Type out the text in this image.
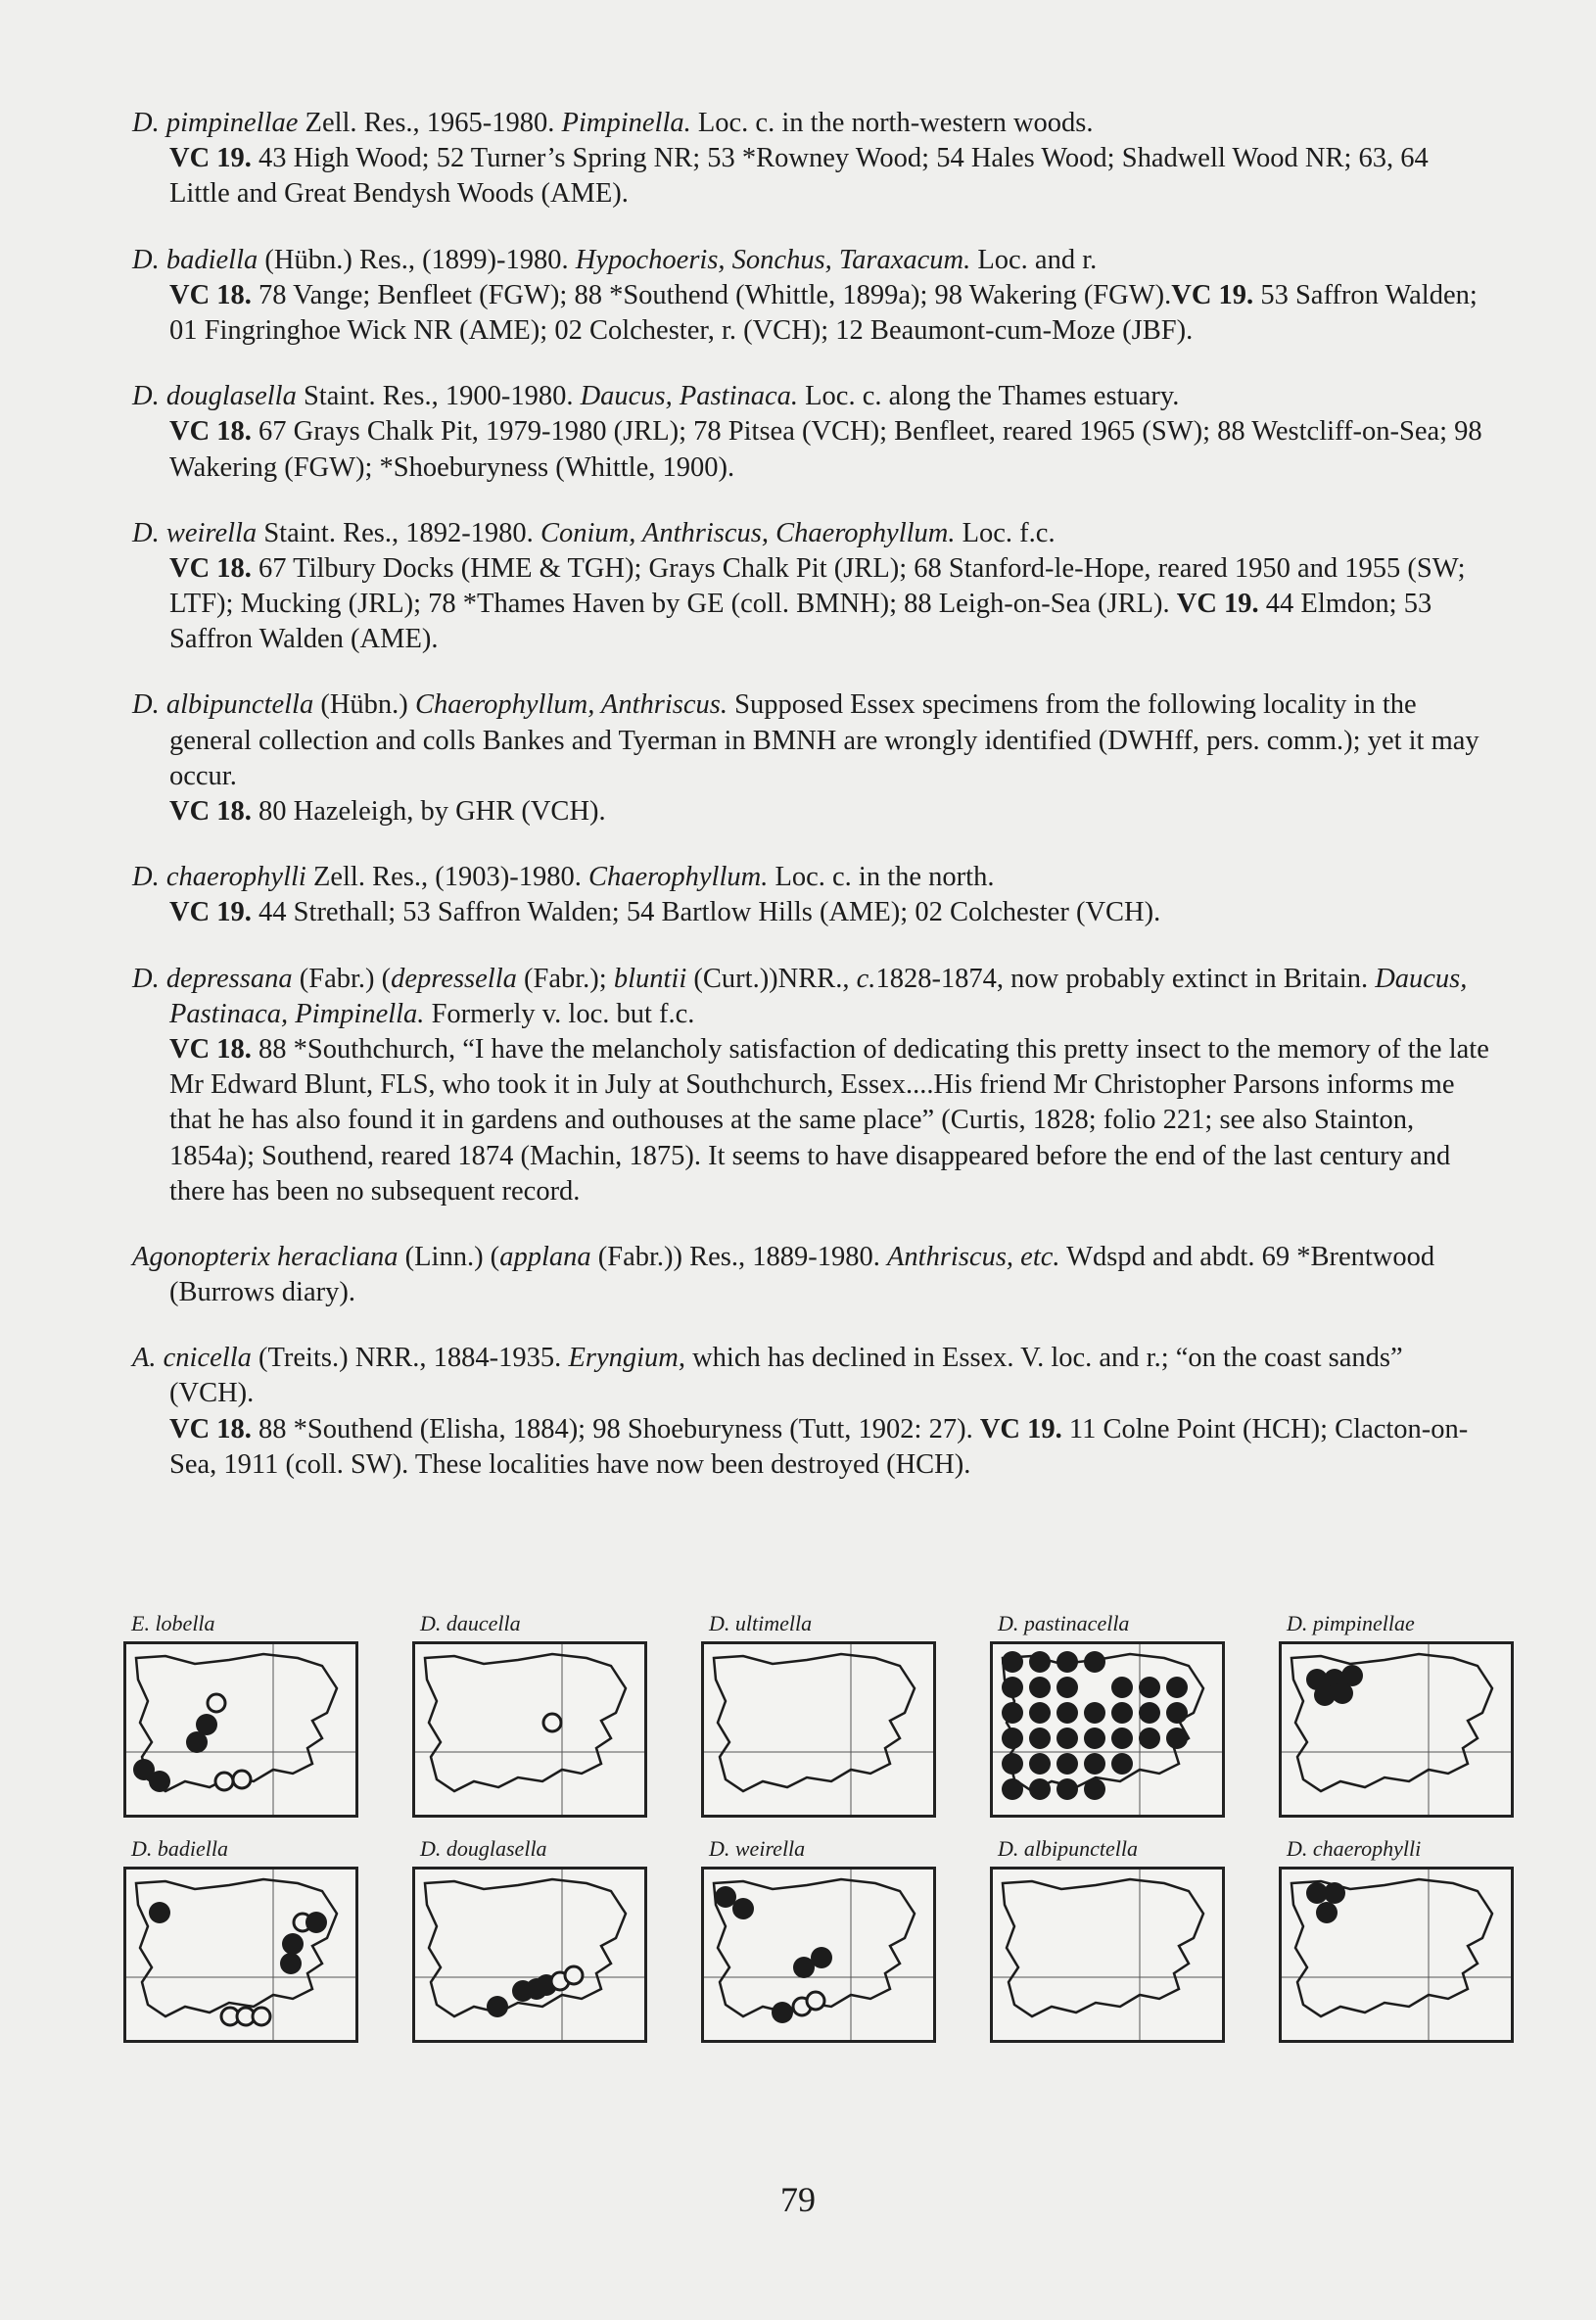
D. pimpinellae Zell. Res., 1965-1980. Pimpinella. Loc. c. in the north-western woods.
VC 19. 43 High Wood; 52 Turner’s Spring NR; 53 *Rowney Wood; 54 Hales Wood; Shadwell Wood NR; 63, 64 Little and Great Bendysh Woods (AME).
D. badiella (Hübn.) Res., (1899)-1980. Hypochoeris, Sonchus, Taraxacum. Loc. and r.
VC 18. 78 Vange; Benfleet (FGW); 88 *Southend (Whittle, 1899a); 98 Wakering (FGW).VC 19. 53 Saffron Walden; 01 Fingringhoe Wick NR (AME); 02 Colchester, r. (VCH); 12 Beaumont-cum-Moze (JBF).
D. douglasella Staint. Res., 1900-1980. Daucus, Pastinaca. Loc. c. along the Thames estuary.
VC 18. 67 Grays Chalk Pit, 1979-1980 (JRL); 78 Pitsea (VCH); Benfleet, reared 1965 (SW); 88 Westcliff-on-Sea; 98 Wakering (FGW); *Shoeburyness (Whittle, 1900).
D. weirella Staint. Res., 1892-1980. Conium, Anthriscus, Chaerophyllum. Loc. f.c.
VC 18. 67 Tilbury Docks (HME & TGH); Grays Chalk Pit (JRL); 68 Stanford-le-Hope, reared 1950 and 1955 (SW; LTF); Mucking (JRL); 78 *Thames Haven by GE (coll. BMNH); 88 Leigh-on-Sea (JRL). VC 19. 44 Elmdon; 53 Saffron Walden (AME).
D. albipunctella (Hübn.) Chaerophyllum, Anthriscus. Supposed Essex specimens from the following locality in the general collection and colls Bankes and Tyerman in BMNH are wrongly identified (DWHff, pers. comm.); yet it may occur.
VC 18. 80 Hazeleigh, by GHR (VCH).
D. chaerophylli Zell. Res., (1903)-1980. Chaerophyllum. Loc. c. in the north.
VC 19. 44 Strethall; 53 Saffron Walden; 54 Bartlow Hills (AME); 02 Colchester (VCH).
D. depressana (Fabr.) (depressella (Fabr.); bluntii (Curt.))NRR., c.1828-1874, now probably extinct in Britain. Daucus, Pastinaca, Pimpinella. Formerly v. loc. but f.c.
VC 18. 88 *Southchurch, “I have the melancholy satisfaction of dedicating this pretty insect to the memory of the late Mr Edward Blunt, FLS, who took it in July at Southchurch, Essex....His friend Mr Christopher Parsons informs me that he has also found it in gardens and outhouses at the same place” (Curtis, 1828; folio 221; see also Stainton, 1854a); Southend, reared 1874 (Machin, 1875). It seems to have disappeared before the end of the last century and there has been no subsequent record.
Agonopterix heracliana (Linn.) (applana (Fabr.)) Res., 1889-1980. Anthriscus, etc. Wdspd and abdt. 69 *Brentwood (Burrows diary).
A. cnicella (Treits.) NRR., 1884-1935. Eryngium, which has declined in Essex. V. loc. and r.; “on the coast sands” (VCH).
VC 18. 88 *Southend (Elisha, 1884); 98 Shoeburyness (Tutt, 1902: 27). VC 19. 11 Colne Point (HCH); Clacton-on-Sea, 1911 (coll. SW). These localities have now been destroyed (HCH).
E. lobella	D. daucella	D. ultimella	D. pastinacella	D. pimpinellae
D. badiella	D. douglasella	D. weirella	D. albipunctella	D. chaerophylli
79
